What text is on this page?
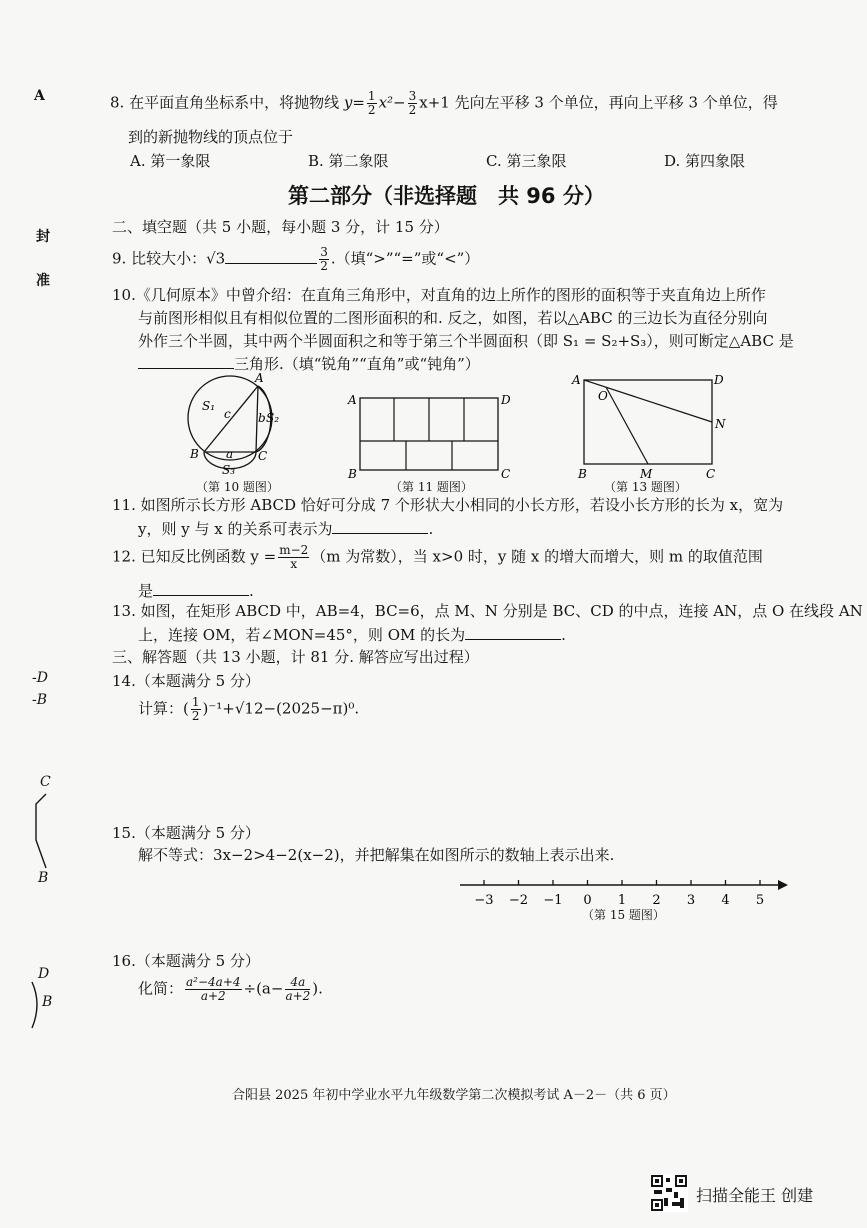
A
封
准
-D
-B
C
B
D
B
8. 在平面直角坐标系中，将抛物线 $y= \frac{1}{2} x^2- \frac{3}{2} x+1$ 先向左平移 3 个单位，再向上平移 3 个单位，得
到的新抛物线的顶点位于
A. 第一象限	B. 第二象限	C. 第三象限	D. 第四象限
第二部分（非选择题　共 96 分）
二、填空题（共 5 小题，每小题 3 分，计 15 分）
9. 比较大小：√3	$\frac{3}{2}$ .（填“>”“=”或“<”）
10.《几何原本》中曾介绍：在直角三角形中，对直角的边上所作的图形的面积等于夹直角边上所作
与前图形相似且有相似位置的二图形面积的和. 反之，如图，若以△ABC 的三边长为直径分别向
外作三个半圆，其中两个半圆面积之和等于第三个半圆面积（即 S₁ = S₂+S₃），则可断定△ABC 是
三角形.（填“锐角”“直角”或“钝角”）
A
B	C
S₁
S₂
S₃
c b
a
（第 10 题图）
A	D
B	C
（第 11 题图）
A	D
O
N
B	M	C
（第 13 题图）
11. 如图所示长方形 ABCD 恰好可分成 7 个形状大小相同的小长方形，若设小长方形的长为 x，宽为
y，则 y 与 x 的关系可表示为	.
12. 已知反比例函数 $y = \frac{m-2}{x} (m$ 为常数），当 x>0 时，y 随 x 的增大而增大，则 m 的取值范围
是	.
13. 如图，在矩形 ABCD 中，AB=4，BC=6，点 M、N 分别是 BC、CD 的中点，连接 AN，点 O 在线段 AN
上，连接 OM，若∠MON=45°，则 OM 的长为	.
三、解答题（共 13 小题，计 81 分. 解答应写出过程）
14.（本题满分 5 分）
计算：( $\frac{1}{2} )^{-1}+√12-(2025-\pi)^0$.
15.（本题满分 5 分）
解不等式：3x−2>4−2(x−2)，并把解集在如图所示的数轴上表示出来.
−3 −2 −1 0 1 2 3 4 5
（第 15 题图）
16.（本题满分 5 分）
化简： $\frac{\text{a²−4a+4}}{a+2} \div(a- \frac{4a}{a+2}$ ).
合阳县 2025 年初中学业水平九年级数学第二次模拟考试 A－2－（共 6 页）
扫描全能王 创建
